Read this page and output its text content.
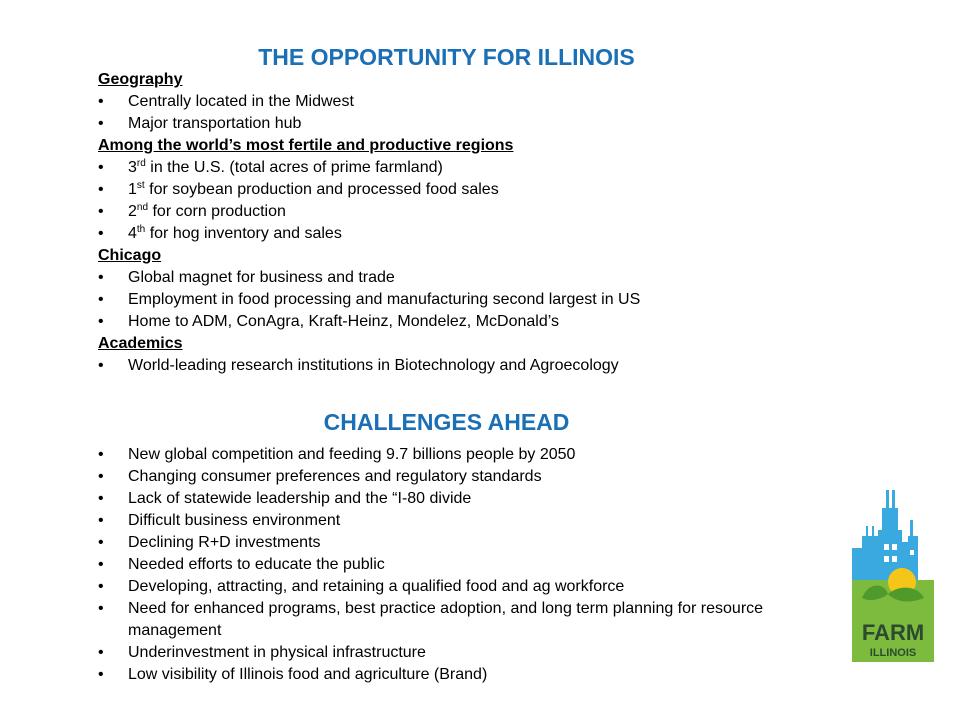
THE OPPORTUNITY FOR ILLINOIS
Geography
• Centrally located in the Midwest
• Major transportation hub
Among the world’s most fertile and productive regions
• 3rd in the U.S. (total acres of prime farmland)
• 1st for soybean production and processed food sales
• 2nd for corn production
• 4th for hog inventory and sales
Chicago
• Global magnet for business and trade
• Employment in food processing and manufacturing second largest in US
• Home to ADM, ConAgra, Kraft-Heinz, Mondelez, McDonald’s
Academics
• World-leading research institutions in Biotechnology and Agroecology
CHALLENGES AHEAD
• New global competition and feeding 9.7 billions people by 2050
• Changing consumer preferences and regulatory standards
• Lack of statewide leadership and the “I-80 divide
• Difficult business environment
• Declining R+D investments
• Needed efforts to educate the public
• Developing, attracting, and retaining a qualified food and ag workforce
• Need for enhanced programs, best practice adoption, and long term planning for resource management
• Underinvestment in physical infrastructure
• Low visibility of Illinois food and agriculture (Brand)
FARM
ILLINOIS
